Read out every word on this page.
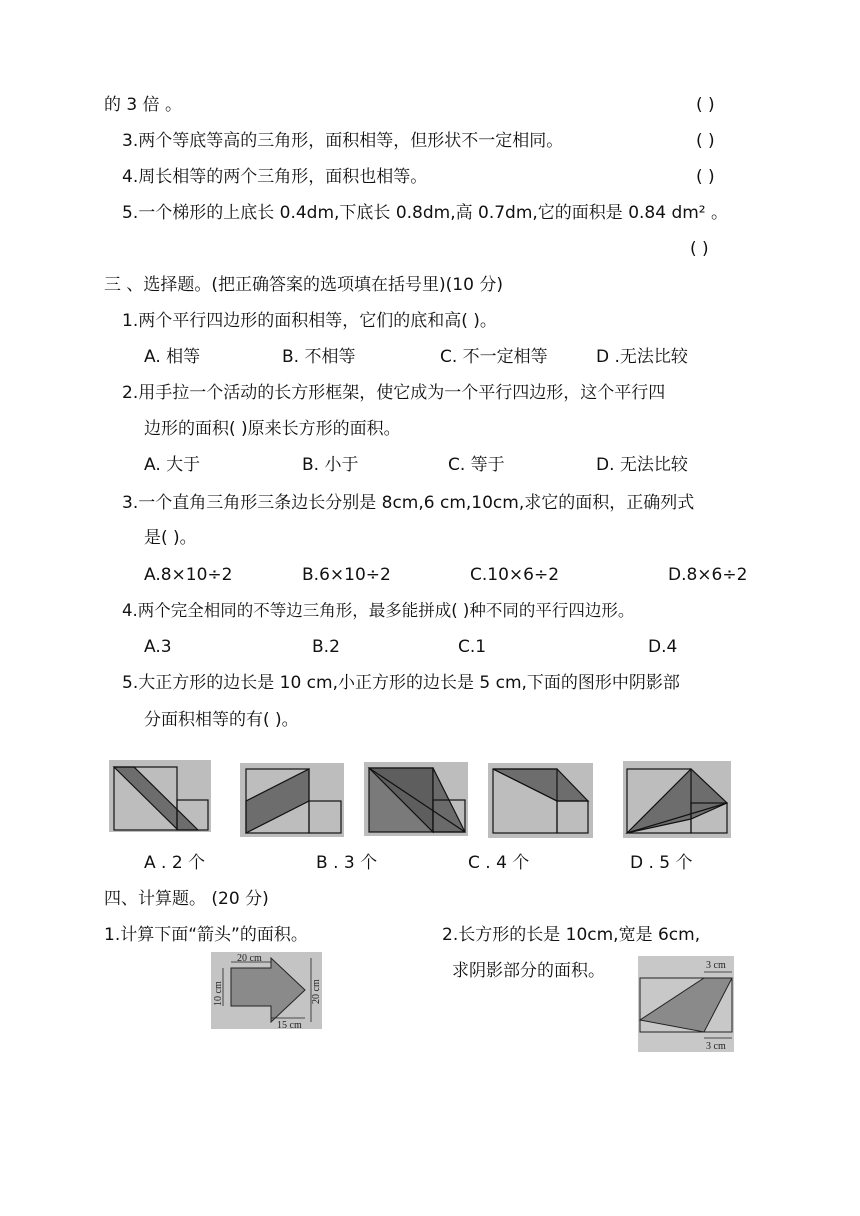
的 3 倍 。	( )
3.两个等底等高的三角形，面积相等，但形状不一定相同。	( )
4.周长相等的两个三角形，面积也相等。	( )
5.一个梯形的上底长 0.4dm,下底长 0.8dm,高 0.7dm,它的面积是 0.84 dm² 。
( )
三 、选择题。(把正确答案的选项填在括号里)(10 分)
1.两个平行四边形的面积相等，它们的底和高( )。
A. 相等	B. 不相等	C. 不一定相等	D .无法比较
2.用手拉一个活动的长方形框架，使它成为一个平行四边形，这个平行四
边形的面积( )原来长方形的面积。
A. 大于	B. 小于	C. 等于	D. 无法比较
3.一个直角三角形三条边长分别是 8cm,6 cm,10cm,求它的面积，正确列式
是( )。
A.8×10÷2	B.6×10÷2	C.10×6÷2	D.8×6÷2
4.两个完全相同的不等边三角形，最多能拼成( )种不同的平行四边形。
A.3	B.2	C.1	D.4
5.大正方形的边长是 10 cm,小正方形的边长是 5 cm,下面的图形中阴影部
分面积相等的有( )。
A . 2 个	B . 3 个	C . 4 个	D . 5 个
四、计算题。 (20 分)
1.计算下面“箭头”的面积。	2.长方形的长是 10cm,宽是 6cm,
求阴影部分的面积。
20 cm
10 cm	20 cm
15 cm
3 cm
3 cm
